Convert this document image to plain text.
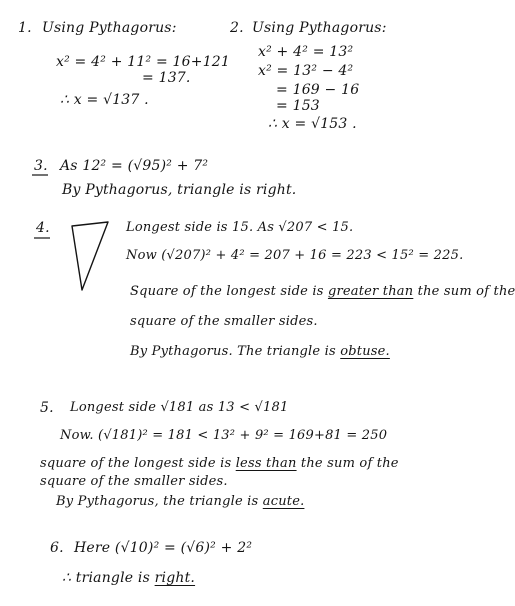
1. Using Pythagorus:
x² = 4² + 11² = 16+121
= 137.
∴ x = √137 .
2. Using Pythagorus:
x² + 4² = 13²
x² = 13² − 4²
= 169 − 16
= 153
∴ x = √153 .
3. As 12² = (√95)² + 7²
By Pythagorus, triangle is right.
4.	Longest side is 15. As √207 < 15.
Now (√207)² + 4² = 207 + 16 = 223 < 15² = 225.
Square of the longest side is greater than the sum of the
square of the smaller sides.
By Pythagorus. The triangle is obtuse.
5. Longest side √181 as 13 < √181
Now. (√181)² = 181 < 13² + 9² = 169+81 = 250
square of the longest side is less than the sum of the
square of the smaller sides.
By Pythagorus, the triangle is acute.
6. Here (√10)² = (√6)² + 2²
∴ triangle is right.
